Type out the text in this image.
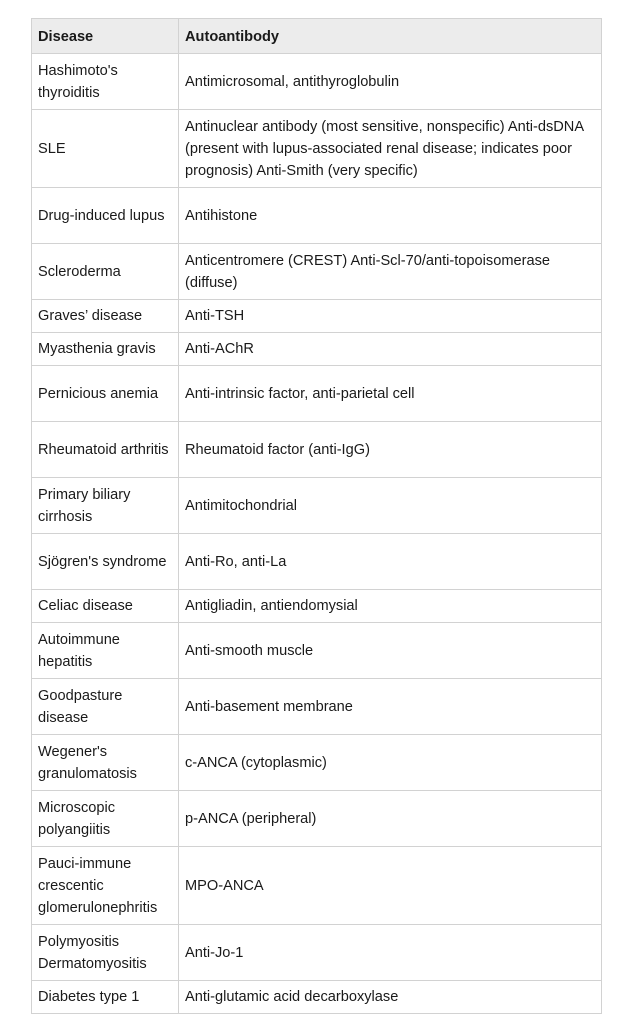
Disease	Autoantibody
Hashimoto's thyroiditis	Antimicrosomal, antithyroglobulin
SLE	Antinuclear antibody (most sensitive, nonspecific) Anti-dsDNA (present with lupus-associated renal disease; indicates poor prognosis) Anti-Smith (very specific)
Drug-induced lupus	Antihistone
Scleroderma	Anticentromere (CREST) Anti-Scl-70/anti-topoisomerase (diffuse)
Graves’ disease	Anti-TSH
Myasthenia gravis	Anti-AChR
Pernicious anemia	Anti-intrinsic factor, anti-parietal cell
Rheumatoid arthritis	Rheumatoid factor (anti-IgG)
Primary biliary cirrhosis	Antimitochondrial
Sjögren's syndrome	Anti-Ro, anti-La
Celiac disease	Antigliadin, antiendomysial
Autoimmune hepatitis	Anti-smooth muscle
Goodpasture disease	Anti-basement membrane
Wegener's granulomatosis	c-ANCA (cytoplasmic)
Microscopic polyangiitis	p-ANCA (peripheral)
Pauci-immune crescentic glomerulonephritis	MPO-ANCA
Polymyositis Dermatomyositis	Anti-Jo-1
Diabetes type 1	Anti-glutamic acid decarboxylase
